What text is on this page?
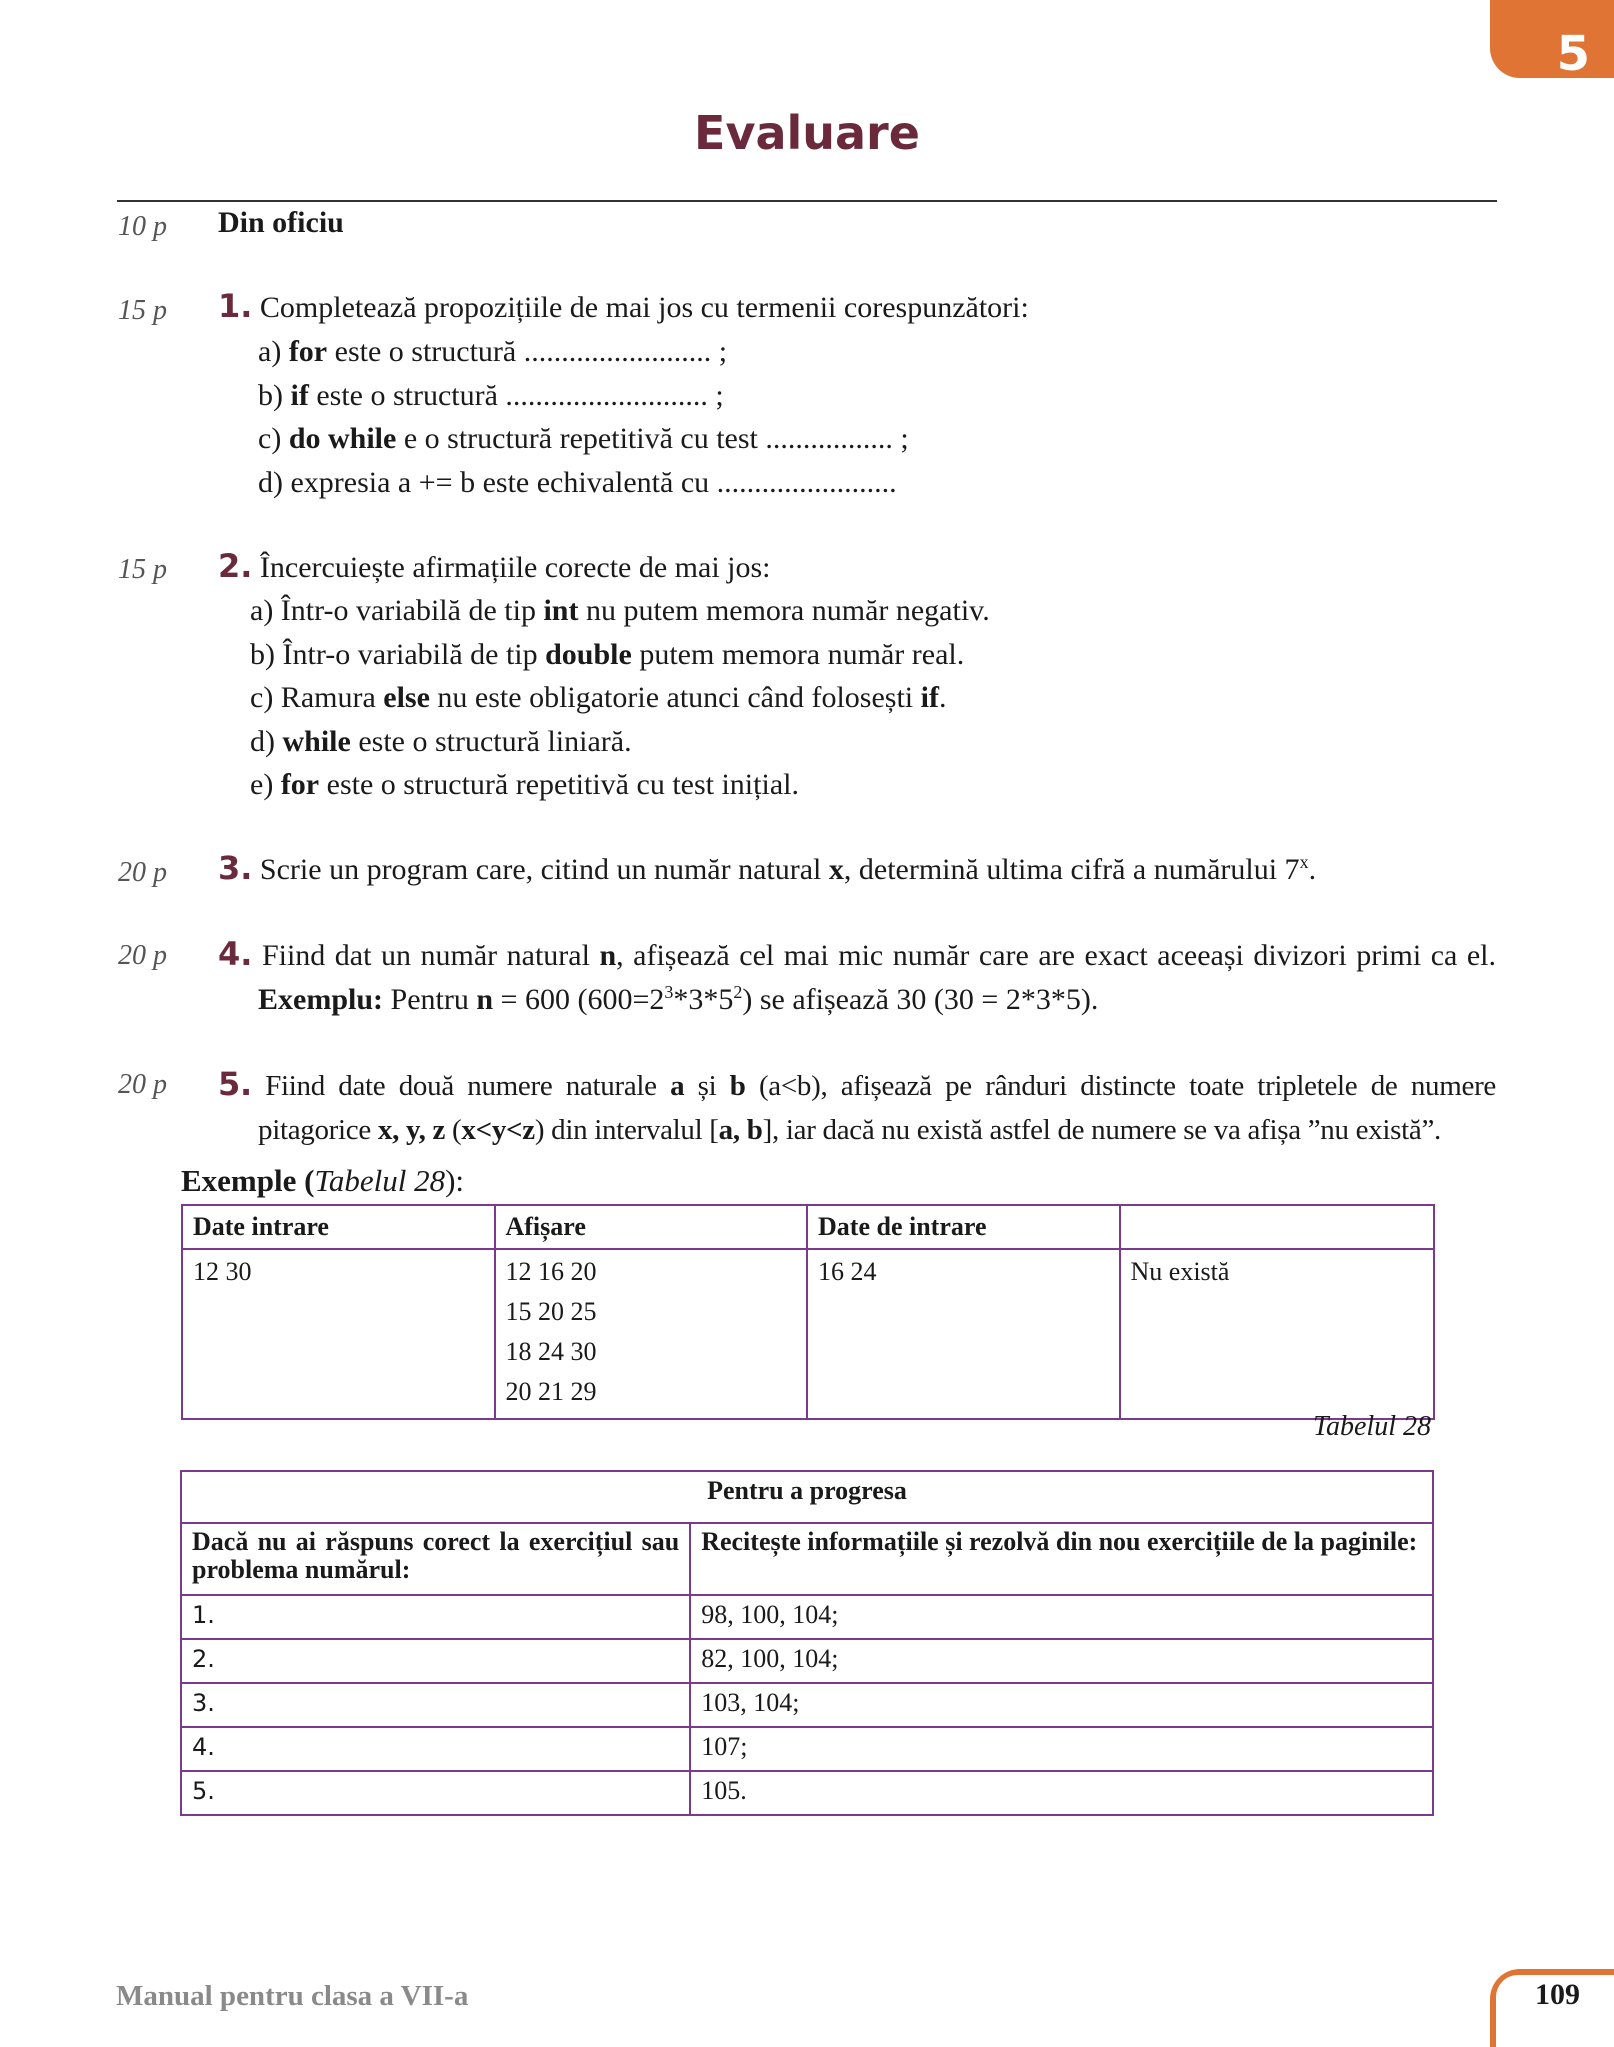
5
Evaluare
10 p
15 p
15 p
20 p
20 p
20 p
Din oficiu
1. Completează propozițiile de mai jos cu termenii corespunzători:
a) for este o structură ......................... ;
b) if este o structură ........................... ;
c) do while e o structură repetitivă cu test ................. ;
d) expresia a += b este echivalentă cu ........................
2. Încercuiește afirmațiile corecte de mai jos:
a) Într-o variabilă de tip int nu putem memora număr negativ.
b) Într-o variabilă de tip double putem memora număr real.
c) Ramura else nu este obligatorie atunci când folosești if.
d) while este o structură liniară.
e) for este o structură repetitivă cu test inițial.
3. Scrie un program care, citind un număr natural x, determină ultima cifră a numărului 7$^x$.
4. Fiind dat un număr natural n, afișează cel mai mic număr care are exact aceeași divizori primi ca el. Exemplu: Pentru n = 600 $(600=2^3*3*5^2)$ se afișează 30 (30 = 2*3*5).
5. Fiind date două numere naturale a și b (a<b), afișează pe rânduri distincte toate tripletele de numere pitagorice x, y, z (x<y<z) din intervalul [a, b], iar dacă nu există astfel de numere se va afișa ”nu există”.
Exemple (Tabelul 28):
Date intrare	Afișare	Date de intrare	
12 30	12 16 20
15 20 25
18 24 30
20 21 29	16 24	Nu există
Tabelul 28
Pentru a progresa	
Dacă nu ai răspuns corect la exercițiul sau problema numărul:	Recitește informațiile și rezolvă din nou exercițiile de la paginile:
1.	98, 100, 104;
2.	82, 100, 104;
3.	103, 104;
4.	107;
5.	105.
Manual pentru clasa a VII-a	109
